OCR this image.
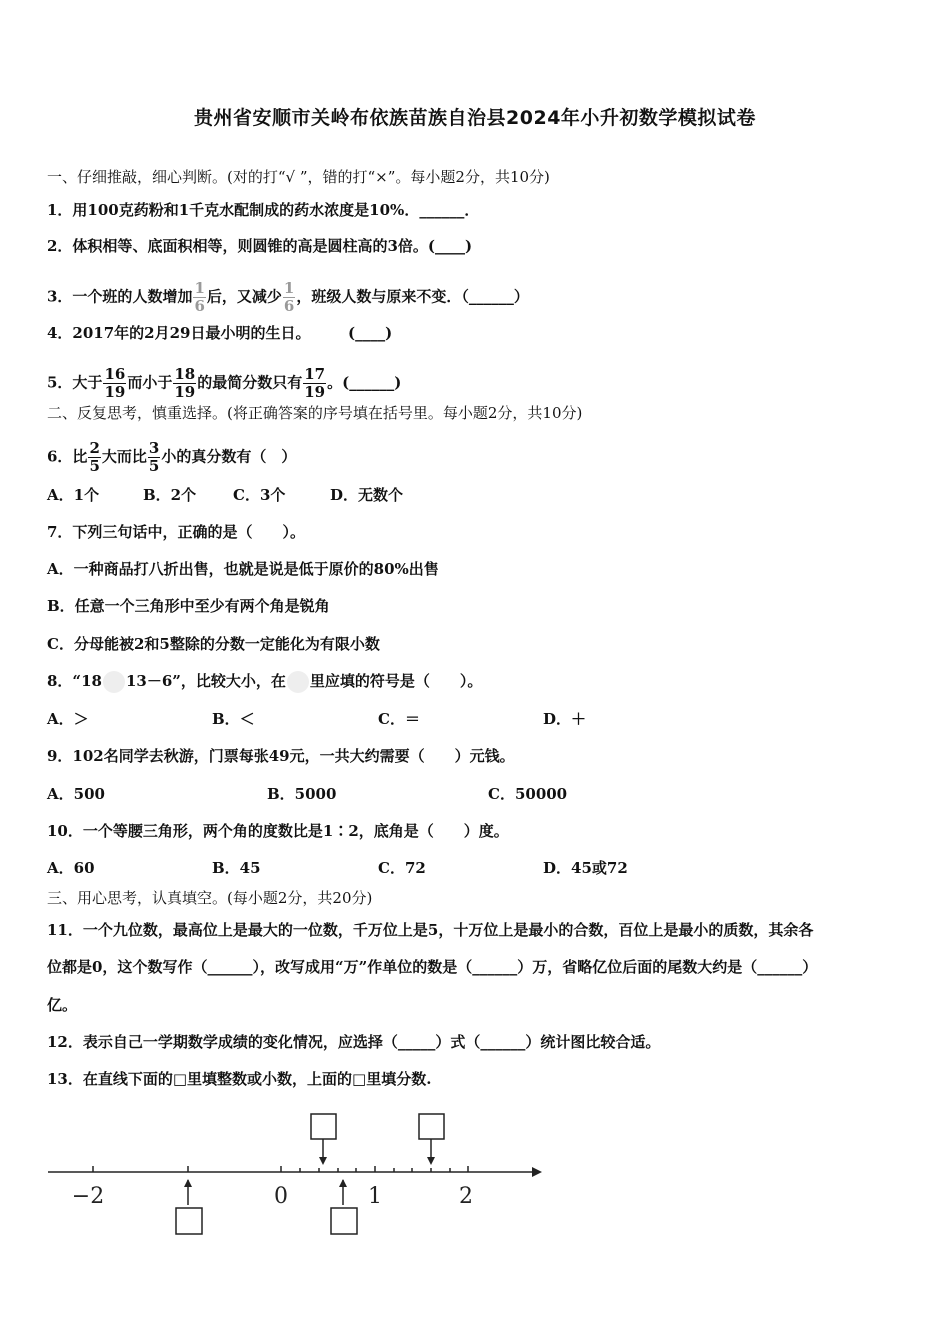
贵州省安顺市关岭布依族苗族自治县2024年小升初数学模拟试卷
一、仔细推敲，细心判断。(对的打“√ ”，错的打“×”。每小题2分，共10分)
1．用100克药粉和1千克水配制成的药水浓度是10%．______．
2．体积相等、底面积相等，则圆锥的高是圆柱高的3倍。(____)
3．一个班的人数增加 $\frac{1}{6}$ 后，又减少 $\frac{1}{6}$ ，班级人数与原来不变．（______）
4．2017年的2月29日最小明的生日。　　　(____)
5．大于 $\frac{16}{19}$ 而小于 $\frac{18}{19}$ 的最简分数只有 $\frac{17}{19}$ 。(______)
二、反复思考，慎重选择。(将正确答案的序号填在括号里。每小题2分，共10分)
6．比 $\frac{2}{5}$ 大而比 $\frac{3}{5}$ 小的真分数有（　）
A．1个	B．2个 C．3个	D．无数个
7．下列三句话中，正确的是（　　）。
A．一种商品打八折出售，也就是说是低于原价的80%出售
B．任意一个三角形中至少有两个角是锐角
C．分母能被2和5整除的分数一定能化为有限小数
8．“18 13－6”，比较大小，在 里应填的符号是（　　）。
A．＞	B．＜	C．＝	D．＋
9．102名同学去秋游，门票每张49元，一共大约需要（　　）元钱。
A．500	B．5000	C．50000
10．一个等腰三角形，两个角的度数比是1∶2，底角是（　　）度。
A．60	B．45	C．72	D．45或72
三、用心思考，认真填空。(每小题2分，共20分)
11．一个九位数，最高位上是最大的一位数，千万位上是5，十万位上是最小的合数，百位上是最小的质数，其余各
位都是0，这个数写作（______），改写成用“万”作单位的数是（______）万，省略亿位后面的尾数大约是（______）
亿。
12．表示自己一学期数学成绩的变化情况，应选择（_____）式（______）统计图比较合适。
13．在直线下面的□里填整数或小数，上面的□里填分数.
−2	0	1	2
